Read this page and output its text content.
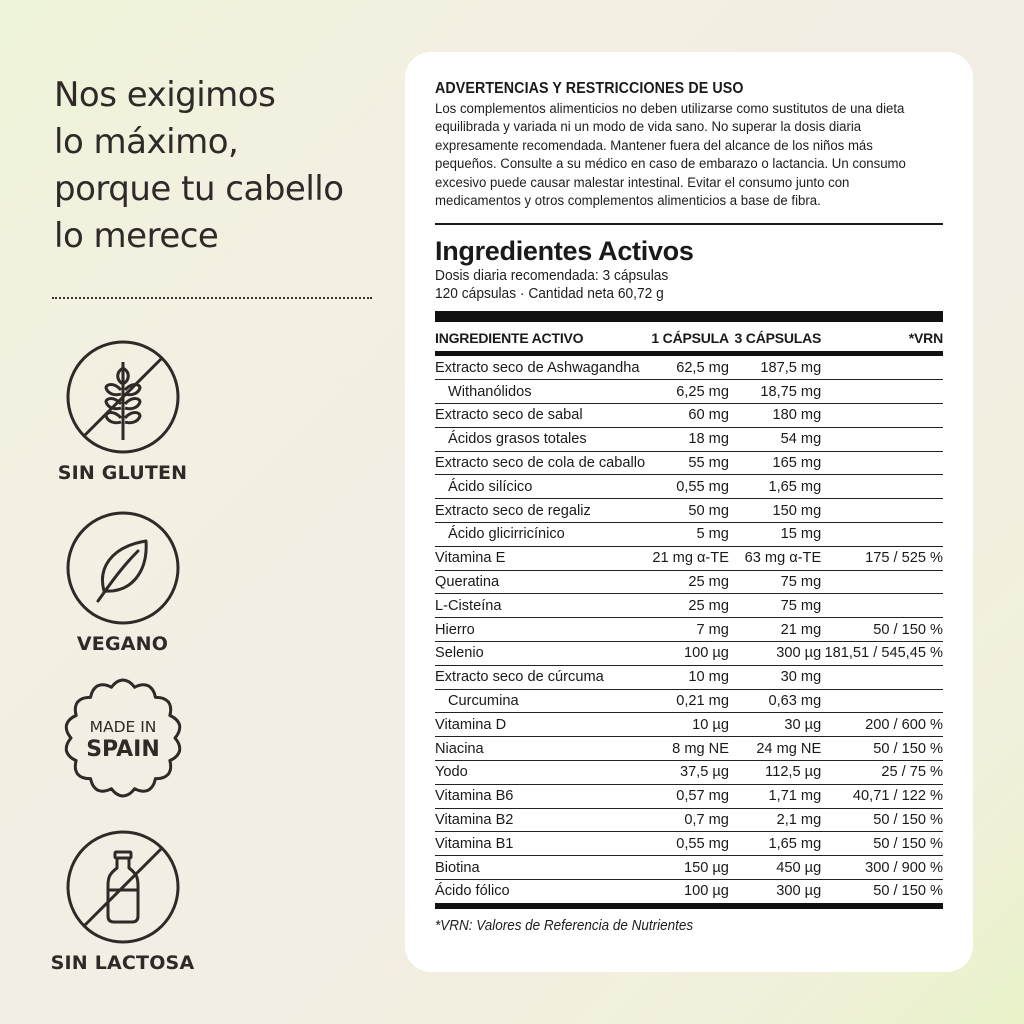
Nos exigimos
lo máximo,
porque tu cabello
lo merece
SIN GLUTEN
VEGANO
MADE IN
SPAIN
SIN LACTOSA

ADVERTENCIAS Y RESTRICCIONES DE USO

Los complementos alimenticios no deben utilizarse como sustitutos de una dieta
equilibrada y variada ni un modo de vida sano. No superar la dosis diaria
expresamente recomendada. Mantener fuera del alcance de los niños más
pequeños. Consulte a su médico en caso de embarazo o lactancia. Un consumo
excesivo puede causar malestar intestinal. Evitar el consumo junto con
medicamentos y otros complementos alimenticios a base de fibra.
Ingredientes Activos
Dosis diaria recomendada: 3 cápsulas
120 cápsulas · Cantidad neta 60,72 g
INGREDIENTE ACTIVO	1 CÁPSULA	3 CÁPSULAS	*VRN
Extracto seco de Ashwagandha	62,5 mg	187,5 mg	
Withanólidos	6,25 mg	18,75 mg	
Extracto seco de sabal	60 mg	180 mg	
Ácidos grasos totales	18 mg	54 mg	
Extracto seco de cola de caballo	55 mg	165 mg	
Ácido silícico	0,55 mg	1,65 mg	
Extracto seco de regaliz	50 mg	150 mg	
Ácido glicirricínico	5 mg	15 mg	
Vitamina E	21 mg α-TE	63 mg α-TE	175 / 525 %
Queratina	25 mg	75 mg	
L-Cisteína	25 mg	75 mg	
Hierro	7 mg	21 mg	50 / 150 %
Selenio	100 µg	300 µg	181,51 / 545,45 %
Extracto seco de cúrcuma	10 mg	30 mg	
Curcumina	0,21 mg	0,63 mg	
Vitamina D	10 µg	30 µg	200 / 600 %
Niacina	8 mg NE	24 mg NE	50 / 150 %
Yodo	37,5 µg	112,5 µg	25 / 75 %
Vitamina B6	0,57 mg	1,71 mg	40,71 / 122 %
Vitamina B2	0,7 mg	2,1 mg	50 / 150 %
Vitamina B1	0,55 mg	1,65 mg	50 / 150 %
Biotina	150 µg	450 µg	300 / 900 %
Ácido fólico	100 µg	300 µg	50 / 150 %
*VRN: Valores de Referencia de Nutrientes
